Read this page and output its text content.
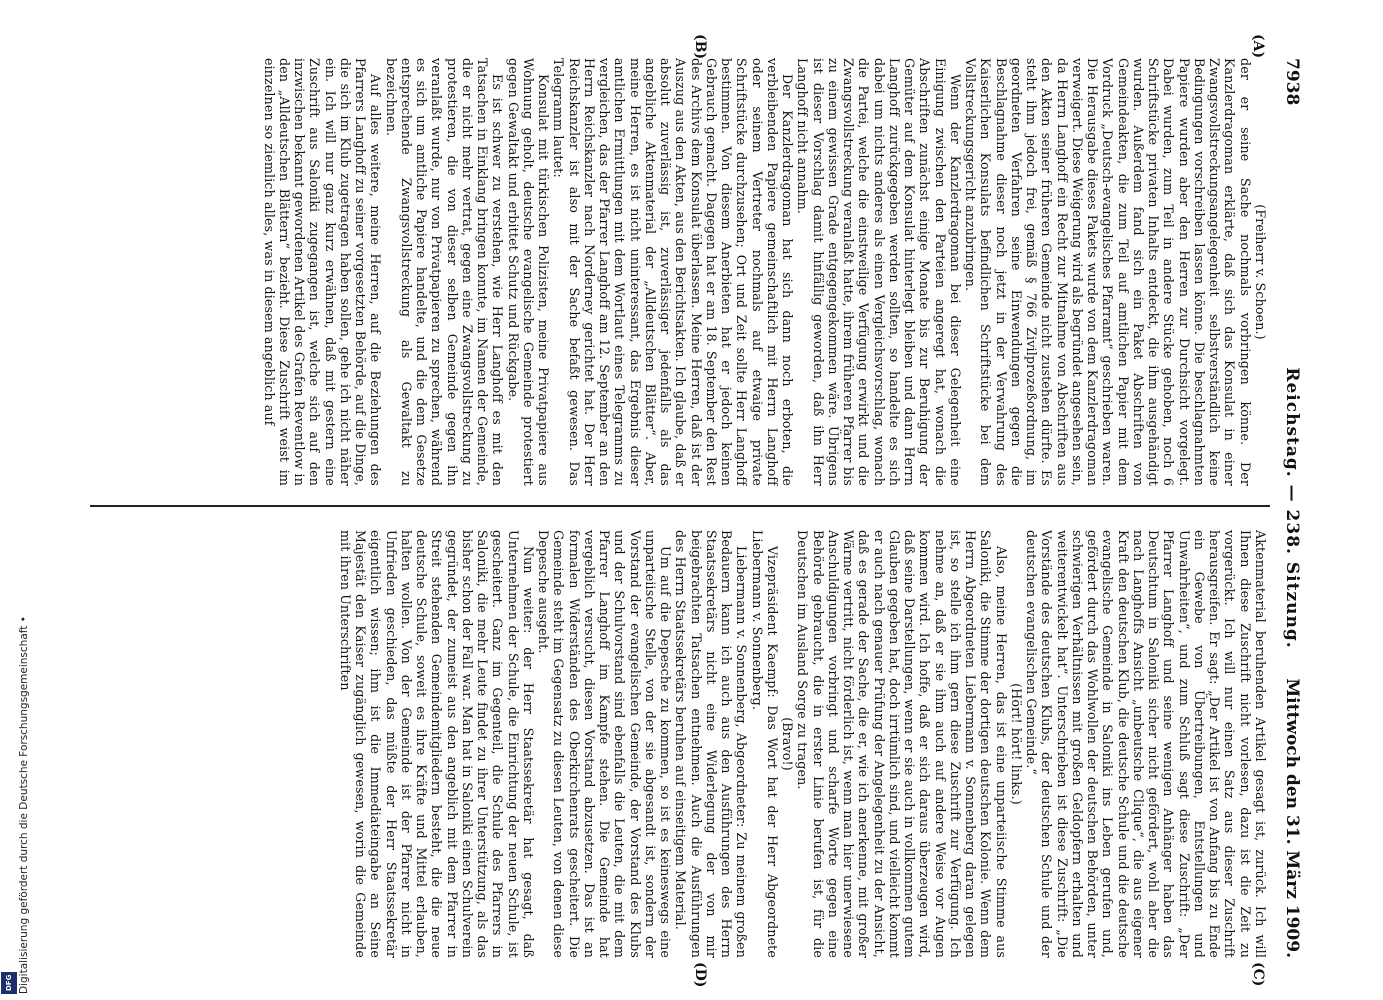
7938
Reichstag. — 238. Sitzung.
Mittwoch den 31. März 1909.
(A)
(B)
(C)
(D)

(Freiherr v. Schoen.)

der er seine Sache nochmals vorbringen könne. Der Kanzlerdragoman erklärte, daß sich das Konsulat in einer Zwangsvollstreckungsangelegenheit selbstverständlich keine Bedingungen vorschreiben lassen könne. Die beschlagnahmten Papiere wurden aber den Herren zur Durchsicht vorgelegt. Dabei wurden, zum Teil in andere Stücke gehoben, noch 6 Schriftstücke privaten Inhalts entdeckt, die ihm ausgehändigt wurden. Außerdem fand sich ein Paket Abschriften von Gemeindeakten, die zum Teil auf amtlichen Papier mit dem Vordruck „Deutsch-evangelisches Pfarramt“ geschrieben waren. Die Herausgabe dieses Pakets wurde von dem Kanzlerdragoman verweigert. Diese Weigerung wird als begründet angesehen sein, da Herrn Langhoff ein Recht zur Mitnahme von Abschriften aus den Akten seiner früheren Gemeinde nicht zustehen dürfte. Es steht ihm jedoch frei, gemäß § 766 Zivilprozeßordnung, im geordneten Verfahren seine Einwendungen gegen die Beschlagnahme dieser noch jetzt in der Verwahrung des Kaiserlichen Konsulats befindlichen Schriftstücke bei dem Vollstreckungsgericht anzubringen.

Wenn der Kanzlerdragoman bei dieser Gelegenheit eine Einigung zwischen den Parteien angeregt hat, wonach die Abschriften zunächst einige Monate bis zur Beruhigung der Gemüter auf dem Konsulat hinterlegt bleiben und dann Herrn Langhoff zurückgegeben werden sollten, so handelte es sich dabei um nichts anderes als einen Vergleichsvorschlag, wonach die Partei, welche die einstweilige Verfügung erwirkt und die Zwangsvollstreckung veranlaßt hatte, ihrem früheren Pfarrer bis zu einem gewissen Grade entgegengekommen wäre. Übrigens ist dieser Vorschlag damit hinfällig geworden, daß ihn Herr Langhoff nicht annahm.

Der Kanzlerdragoman hat sich dann noch erboten, die verbleibenden Papiere gemeinschaftlich mit Herrn Langhoff oder seinem Vertreter nochmals auf etwaige private Schriftstücke durchzusehen; Ort und Zeit sollte Herr Langhoff bestimmen. Von diesem Anerbieten hat er jedoch keinen Gebrauch gemacht. Dagegen hat er am 18. September den Rest des Archivs dem Konsulat überlassen. Meine Herren, daß ist der Auszug aus den Akten, aus den Berichtsakten. Ich glaube, daß er absolut zuverlässig ist, zuverlässiger jedenfalls als das angebliche Aktenmaterial der „Alldeutschen Blätter“. Aber, meine Herren, es ist nicht uninteressant, das Ergebnis dieser amtlichen Ermittlungen mit dem Wortlaut eines Telegramms zu vergleichen, das der Pfarrer Langhoff am 12. September an den Herrn Reichskanzler nach Norderney gerichtet hat. Der Herr Reichskanzler ist also mit der Sache befaßt gewesen. Das Telegramm lautet:

Konsulat mit türkischen Polizisten, meine Privatpapiere aus Wohnung geholt, deutsche evangelische Gemeinde protestiert gegen Gewaltakt und erbittet Schutz und Rückgabe.

Es ist schwer zu verstehen, wie Herr Langhoff es mit den Tatsachen in Einklang bringen konnte, im Namen der Gemeinde, die er nicht mehr vertrat, gegen eine Zwangsvollstreckung zu protestieren, die von dieser selben Gemeinde gegen ihn veranlaßt wurde, nur von Privatpapieren zu sprechen, während es sich um amtliche Papiere handelte, und die dem Gesetze entsprechende Zwangsvollstreckung als Gewaltakt zu bezeichnen.

Auf alles weitere, meine Herren, auf die Beziehungen des Pfarrers Langhoff zu seiner vorgesetzten Behörde, auf die Dinge, die sich im Klub zugetragen haben sollen, gehe ich nicht näher ein. Ich will nur ganz kurz erwähnen, daß mit gestern eine Zuschrift aus Saloniki zugegangen ist, welche sich auf den inzwischen bekannt gewordenen Artikel des Grafen Reventlow in den „Alldeutschen Blättern“ bezieht. Diese Zuschrift weist im einzelnen so ziemlich alles, was in diesem angeblich auf

Aktenmaterial beruhenden Artikel gesagt ist, zurück. Ich will Ihnen diese Zuschrift nicht vorlesen, dazu ist die Zeit zu vorgerückt. Ich will nur einen Satz aus dieser Zuschrift herausgreifen. Er sagt: „Der Artikel ist von Anfang bis zu Ende ein Gewebe von Übertreibungen, Entstellungen und Unwahrheiten“, und zum Schluß sagt diese Zuschrift: „Der Pfarrer Langhoff und seine wenigen Anhänger haben das Deutschtum in Saloniki sicher nicht gefördert, wohl aber die nach Langhoffs Ansicht „unbeutsche Clique“, die aus eigener Kraft den deutschen Klub, die deutsche Schule und die deutsche evangelische Gemeinde in Saloniki ins Leben gerufen und, gefördert durch das Wohlwollen der deutschen Behörden, unter schwierigen Verhältnissen mit großen Geldopfern erhalten und weiterentwickelt hat“. Unterschrieben ist diese Zuschrift: „Die Vorstände des deutschen Klubs, der deutschen Schule und der deutschen evangelischen Gemeinde.“

(Hört! hört! links.)

Also, meine Herren, das ist eine unparteiische Stimme aus Saloniki, die Stimme der dortigen deutschen Kolonie. Wenn dem Herrn Abgeordneten Liebermann v. Sonnenberg daran gelegen ist, so stelle ich ihm gern diese Zuschrift zur Verfügung. Ich nehme an, daß er sie ihm auch auf andere Weise vor Augen kommen wird. Ich hoffe, daß er sich daraus überzeugen wird, daß seine Darstellungen, wenn er sie auch in vollkommen gutem Glauben gegeben hat, doch irrtümlich sind, und vielleicht kommt er auch nach genauer Prüfung der Angelegenheit zu der Ansicht, daß es gerade der Sache, die er, wie ich anerkenne, mit großer Wärme vertritt, nicht förderlich ist, wenn man hier unerwiesene Anschuldigungen vorbringt und scharfe Worte gegen eine Behörde gebraucht, die in erster Linie berufen ist, für die Deutschen im Ausland Sorge zu tragen.

(Bravo!)

Vizepräsident Kaempf: Das Wort hat der Herr Abgeordnete Liebermann v. Sonnenberg.

Liebermann v. Sonnenberg, Abgeordneter: Zu meinem großen Bedauern kann ich auch aus den Ausführungen des Herrn Staatssekretärs nicht eine Widerlegung der von mir beigebrachten Tatsachen entnehmen. Auch die Ausführungen des Herrn Staatssekretärs beruhen auf einseitigem Material.

Um auf die Depesche zu kommen, so ist es keineswegs eine unparteiische Stelle, von der sie abgesandt ist, sondern der Vorstand der evangelischen Gemeinde, der Vorstand des Klubs und der Schulvorstand sind ebenfalls die Leuten, die mit dem Pfarrer Langhoff im Kampfe stehen. Die Gemeinde hat vergeblich versucht, diesen Vorstand abzusetzen. Das ist an formalen Widerständen des Oberkirchenrats gescheitert. Die Gemeinde steht im Gegensatz zu diesen Leuten, von denen diese Depesche ausgeht.

Nun weiter: der Herr Staatssekretär hat gesagt, daß Unternehmen der Schule, die Einrichtung der neuen Schule, ist gescheitert. Ganz im Gegenteil, die Schule des Pfarrers in Saloniki, die mehr Leute findet zu ihrer Unterstützung, als das bisher schon der Fall war. Man hat in Saloniki einen Schulverein gegründet, der zumeist aus den angeblich mit dem Pfarrer in Streit stehenden Gemeindemitgliedern besteht, die die neue deutsche Schule, soweit es ihre Kräfte und Mittel erlauben, halten wollen. Von der Gemeinde ist der Pfarrer nicht in Unfrieden geschieden, das müßte der Herr Staatssekretär eigentlich wissen; ihm ist die Immediateingabe an Seine Majestät den Kaiser zugänglich gewesen, worin die Gemeinde mit ihren Unterschriften

Digitalisierung gefördert durch die Deutsche Forschungsgemeinschaft •
DFG
